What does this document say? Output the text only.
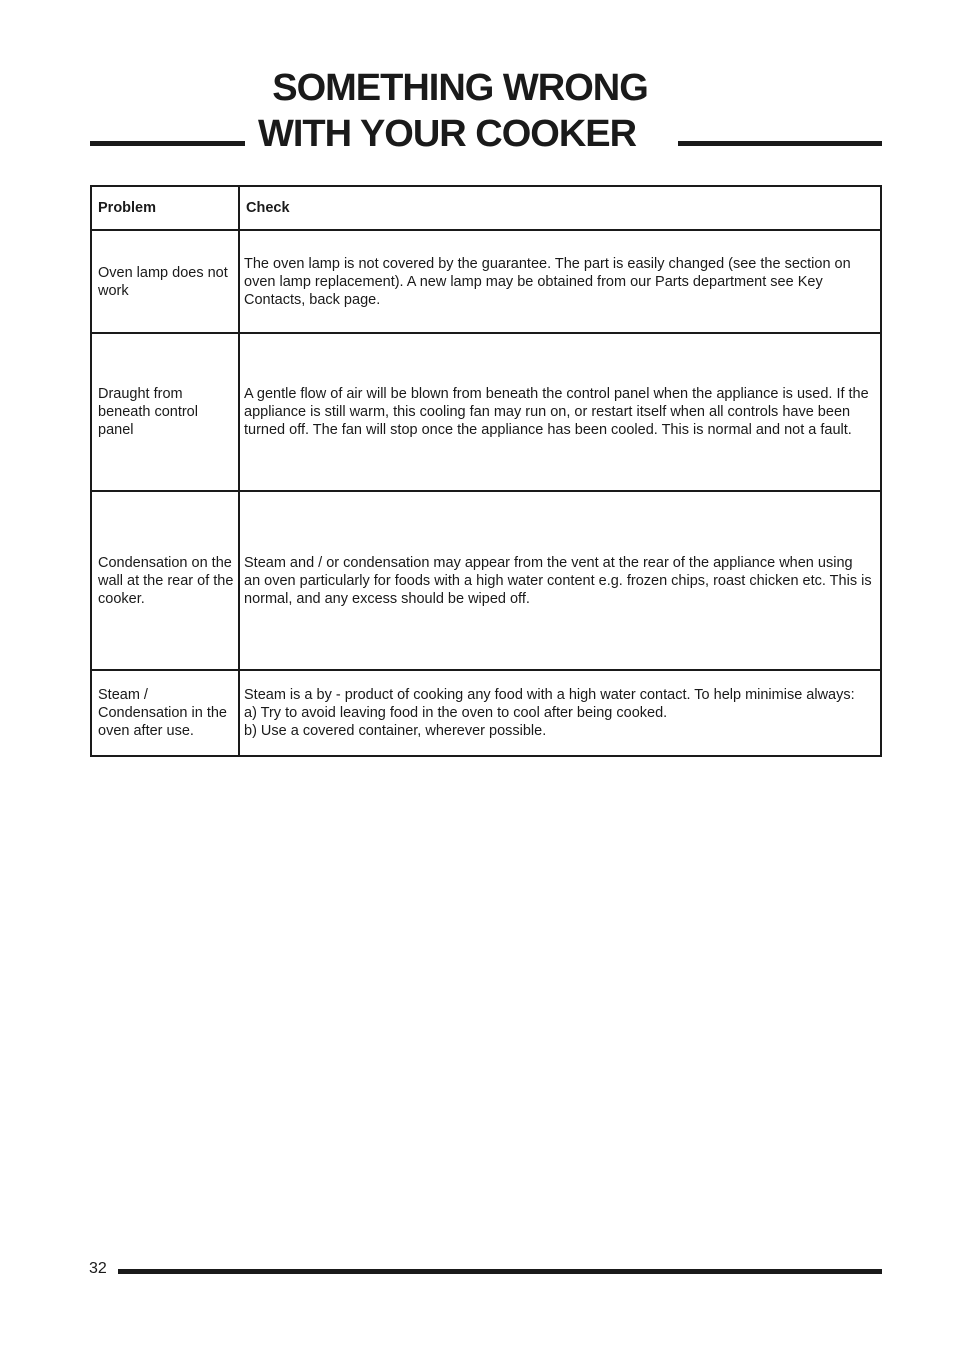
SOMETHING WRONG
WITH YOUR COOKER
Problem	Check
Oven lamp does not work	The oven lamp is not covered by the guarantee. The part is easily changed (see the section on oven lamp replacement). A new lamp may be obtained from our Parts department see Key Contacts, back page.

Draught from beneath control panel	A gentle flow of air will be blown from beneath the control panel when the appliance is used. If the appliance is still warm, this cooling fan may run on, or restart itself when all controls have been turned off. The fan will stop once the appliance has been cooled. This is normal and not a fault.

Condensation on the wall at the rear of the cooker.	Steam and / or condensation may appear from the vent at the rear of the appliance when using an oven particularly for foods with a high water content e.g. frozen chips, roast chicken etc. This is normal, and any excess should be wiped off.

Steam / Condensation in the oven after use.	Steam is a by - product of cooking any food with a high water contact. To help minimise always:
a) Try to avoid leaving food in the oven to cool after being cooked.
b) Use a covered container, wherever possible.
32
